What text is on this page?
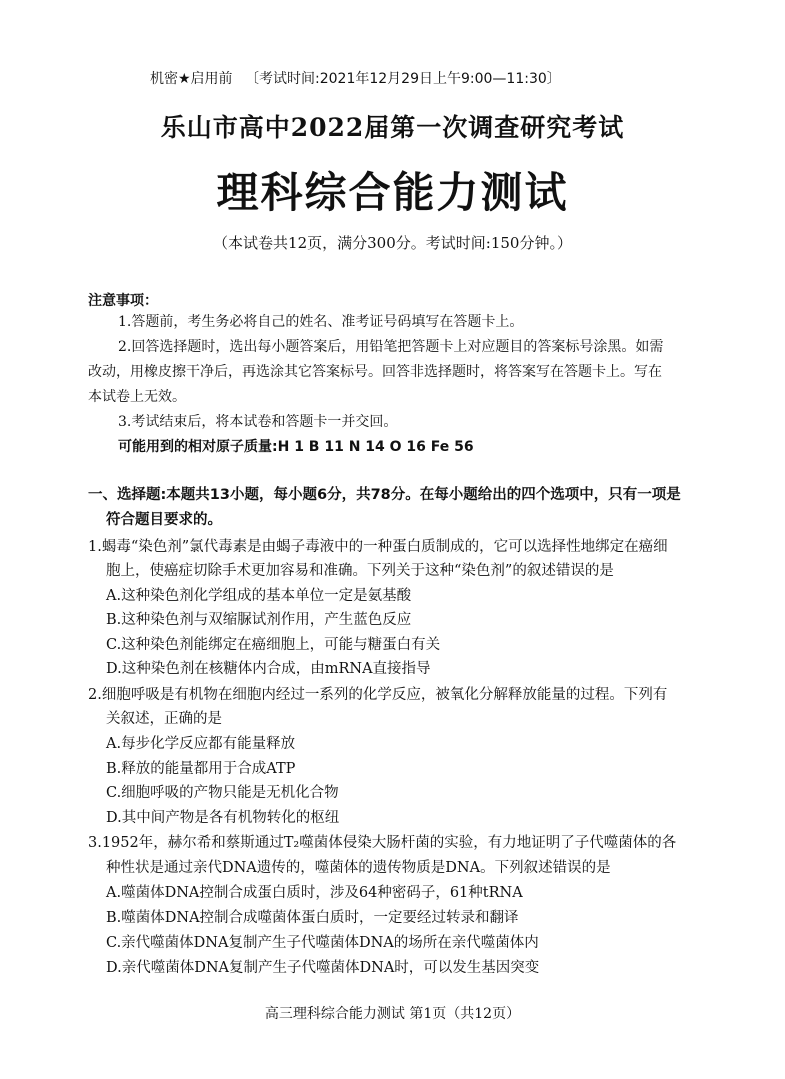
机密★启用前 〔考试时间:2021年12月29日上午9:00—11:30〕
乐山市高中2022届第一次调查研究考试
理科综合能力测试
（本试卷共12页，满分300分。考试时间:150分钟。）
注意事项：
1.答题前，考生务必将自己的姓名、准考证号码填写在答题卡上。
2.回答选择题时，选出每小题答案后，用铅笔把答题卡上对应题目的答案标号涂黑。如需
改动，用橡皮擦干净后，再选涂其它答案标号。回答非选择题时，将答案写在答题卡上。写在
本试卷上无效。
3.考试结束后，将本试卷和答题卡一并交回。
可能用到的相对原子质量:H 1 B 11 N 14 O 16 Fe 56
一、选择题:本题共13小题，每小题6分，共78分。在每小题给出的四个选项中，只有一项是
符合题目要求的。
1.蝎毒“染色剂”氯代毒素是由蝎子毒液中的一种蛋白质制成的，它可以选择性地绑定在癌细
胞上，使癌症切除手术更加容易和准确。下列关于这种“染色剂”的叙述错误的是
A.这种染色剂化学组成的基本单位一定是氨基酸
B.这种染色剂与双缩脲试剂作用，产生蓝色反应
C.这种染色剂能绑定在癌细胞上，可能与糖蛋白有关
D.这种染色剂在核糖体内合成，由mRNA直接指导
2.细胞呼吸是有机物在细胞内经过一系列的化学反应，被氧化分解释放能量的过程。下列有
关叙述，正确的是
A.每步化学反应都有能量释放
B.释放的能量都用于合成ATP
C.细胞呼吸的产物只能是无机化合物
D.其中间产物是各有机物转化的枢纽
3.1952年，赫尔希和蔡斯通过T₂噬菌体侵染大肠杆菌的实验，有力地证明了子代噬菌体的各
种性状是通过亲代DNA遗传的，噬菌体的遗传物质是DNA。下列叙述错误的是
A.噬菌体DNA控制合成蛋白质时，涉及64种密码子，61种tRNA
B.噬菌体DNA控制合成噬菌体蛋白质时，一定要经过转录和翻译
C.亲代噬菌体DNA复制产生子代噬菌体DNA的场所在亲代噬菌体内
D.亲代噬菌体DNA复制产生子代噬菌体DNA时，可以发生基因突变
高三理科综合能力测试 第1页（共12页）
